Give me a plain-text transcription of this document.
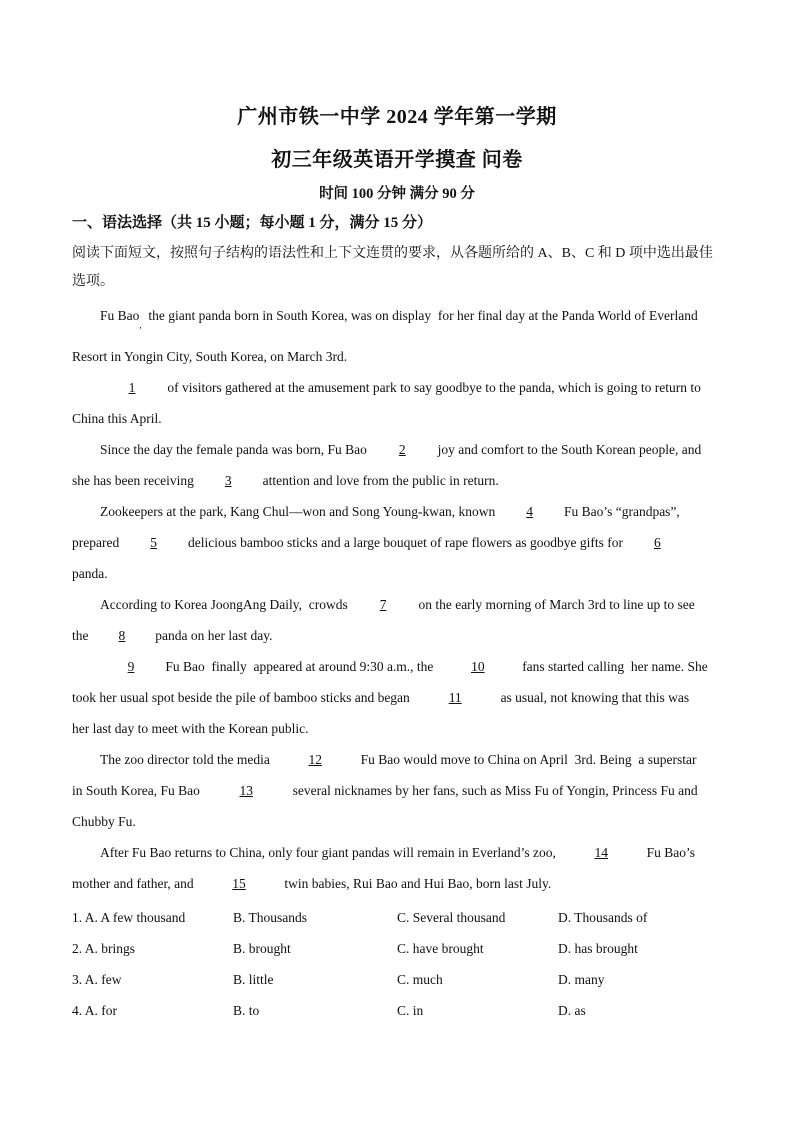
广州市铁一中学 2024 学年第一学期
初三年级英语开学摸查 问卷
时间 100 分钟 满分 90 分
一、语法选择（共 15 小题；每小题 1 分，满分 15 分）
阅读下面短文，按照句子结构的语法性和上下文连贯的要求，从各题所给的 A、B、C 和 D 项中选出最佳
选项。
Fu Bao$_,$  the giant panda born in South Korea, was on display  for her final day at the Panda World of Everland
Resort in Yongin City, South Korea, on March 3rd.
1 of visitors gathered at the amusement park to say goodbye to the panda, which is going to return to
China this April.
Since the day the female panda was born, Fu Bao 2 joy and comfort to the South Korean people, and
she has been receiving 3 attention and love from the public in return.
Zookeepers at the park, Kang Chul—won and Song Young-kwan, known 4 Fu Bao’s “grandpas”,
prepared 5 delicious bamboo sticks and a large bouquet of rape flowers as goodbye gifts for 6
panda.
According to Korea JoongAng Daily,  crowds 7 on the early morning of March 3rd to line up to see
the 8 panda on her last day.
9 Fu Bao  finally  appeared at around 9:30 a.m., the	10	fans started calling  her name. She
took her usual spot beside the pile of bamboo sticks and began	11	as usual, not knowing that this was
her last day to meet with the Korean public.
The zoo director told the media	12	Fu Bao would move to China on April  3rd. Being  a superstar
in South Korea, Fu Bao	13	several nicknames by her fans, such as Miss Fu of Yongin, Princess Fu and
Chubby Fu.
After Fu Bao returns to China, only four giant pandas will remain in Everland’s zoo,	14	Fu Bao’s
mother and father, and	15	twin babies, Rui Bao and Hui Bao, born last July.
1. A. A few thousand	B. Thousands	C. Several thousand	D. Thousands of
2. A. brings	B. brought	C. have brought	D. has brought
3. A. few	B. little	C. much	D. many
4. A. for	B. to	C. in	D. as
